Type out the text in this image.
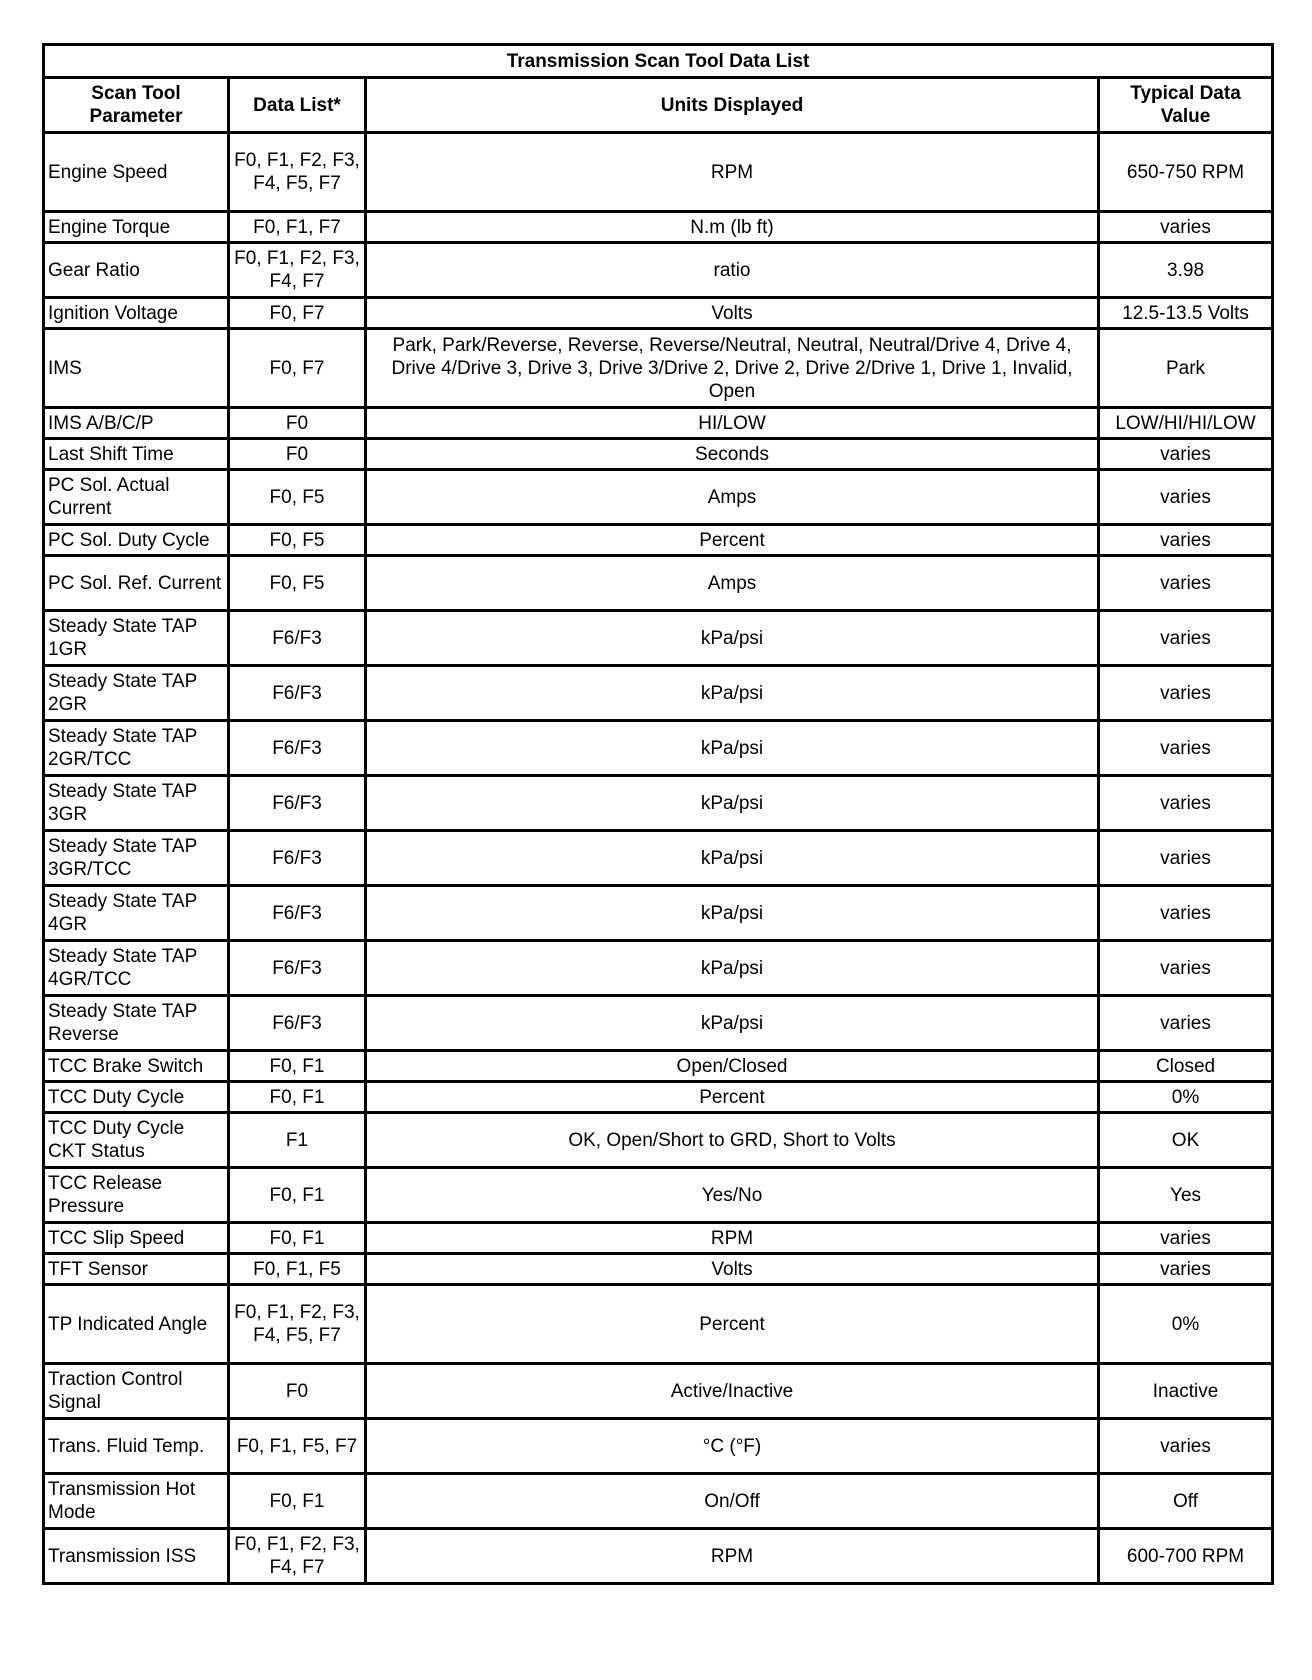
Transmission Scan Tool Data List			
Scan Tool Parameter	Data List*	Units Displayed	Typical Data Value
Engine Speed	F0, F1, F2, F3, F4, F5, F7	RPM	650-750 RPM
Engine Torque	F0, F1, F7	N.m (lb ft)	varies
Gear Ratio	F0, F1, F2, F3, F4, F7	ratio	3.98
Ignition Voltage	F0, F7	Volts	12.5-13.5 Volts
IMS	F0, F7	Park, Park/Reverse, Reverse, Reverse/Neutral, Neutral, Neutral/Drive 4, Drive 4, Drive 4/Drive 3, Drive 3, Drive 3/Drive 2, Drive 2, Drive 2/Drive 1, Drive 1, Invalid, Open	Park
IMS A/B/C/P	F0	HI/LOW	LOW/HI/HI/LOW
Last Shift Time	F0	Seconds	varies
PC Sol. Actual Current	F0, F5	Amps	varies
PC Sol. Duty Cycle	F0, F5	Percent	varies
PC Sol. Ref. Current	F0, F5	Amps	varies
Steady State TAP 1GR	F6/F3	kPa/psi	varies
Steady State TAP 2GR	F6/F3	kPa/psi	varies
Steady State TAP 2GR/TCC	F6/F3	kPa/psi	varies
Steady State TAP 3GR	F6/F3	kPa/psi	varies
Steady State TAP 3GR/TCC	F6/F3	kPa/psi	varies
Steady State TAP 4GR	F6/F3	kPa/psi	varies
Steady State TAP 4GR/TCC	F6/F3	kPa/psi	varies
Steady State TAP Reverse	F6/F3	kPa/psi	varies
TCC Brake Switch	F0, F1	Open/Closed	Closed
TCC Duty Cycle	F0, F1	Percent	0%
TCC Duty Cycle CKT Status	F1	OK, Open/Short to GRD, Short to Volts	OK
TCC Release Pressure	F0, F1	Yes/No	Yes
TCC Slip Speed	F0, F1	RPM	varies
TFT Sensor	F0, F1, F5	Volts	varies
TP Indicated Angle	F0, F1, F2, F3, F4, F5, F7	Percent	0%
Traction Control Signal	F0	Active/Inactive	Inactive
Trans. Fluid Temp.	F0, F1, F5, F7	°C (°F)	varies
Transmission Hot Mode	F0, F1	On/Off	Off
Transmission ISS	F0, F1, F2, F3, F4, F7	RPM	600-700 RPM
